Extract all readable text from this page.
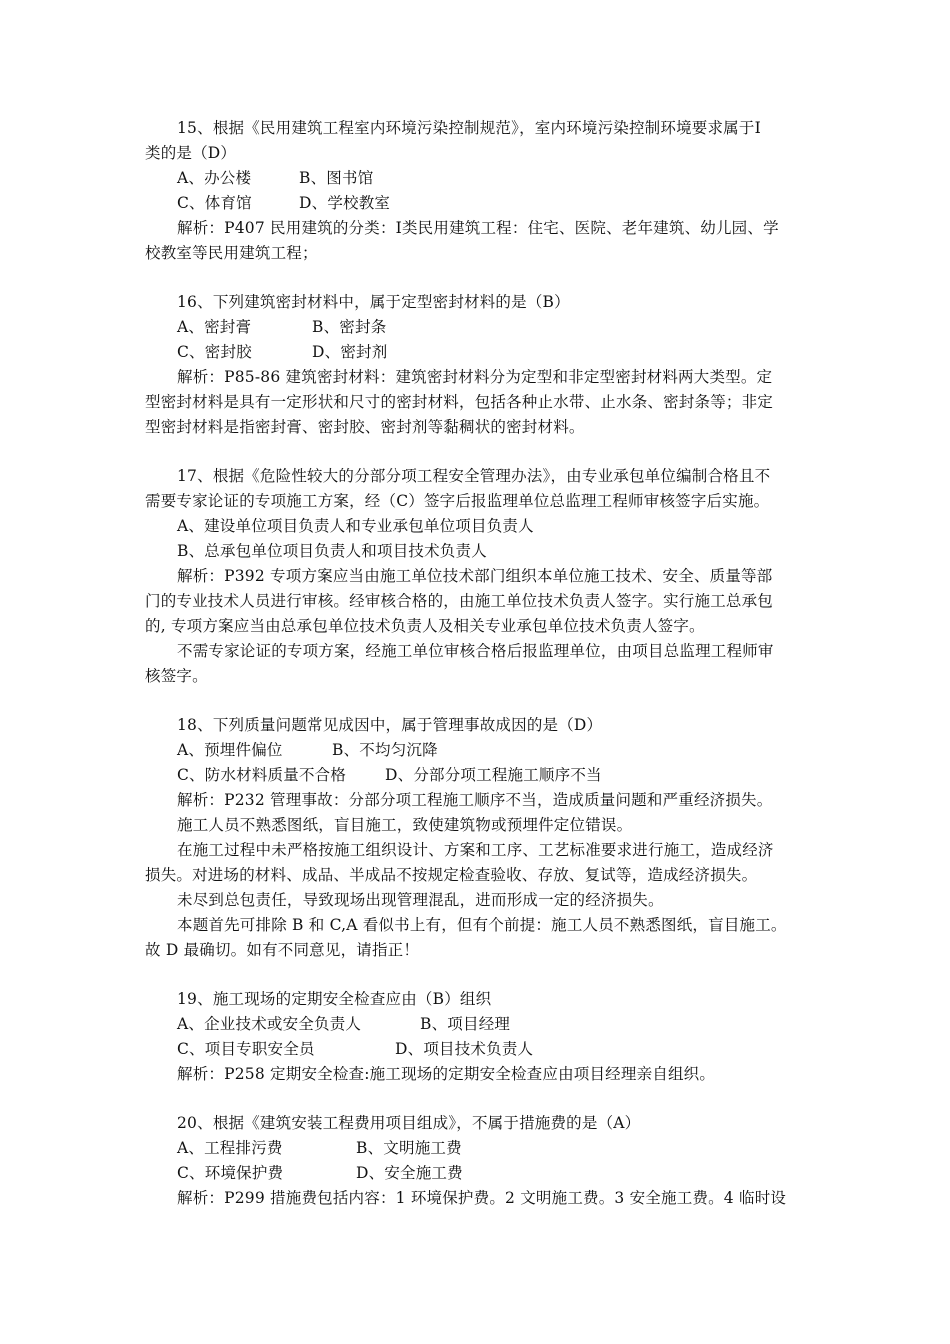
15、根据《民用建筑工程室内环境污染控制规范》，室内环境污染控制环境要求属于Ⅰ
类的是（D）
A、办公楼	B、图书馆
C、体育馆	D、学校教室
解析：P407 民用建筑的分类：Ⅰ类民用建筑工程：住宅、医院、老年建筑、幼儿园、学
校教室等民用建筑工程；
16、下列建筑密封材料中，属于定型密封材料的是（B）
A、密封膏	B、密封条
C、密封胶	D、密封剂
解析：P85-86 建筑密封材料：建筑密封材料分为定型和非定型密封材料两大类型。定
型密封材料是具有一定形状和尺寸的密封材料，包括各种止水带、止水条、密封条等；非定
型密封材料是指密封膏、密封胶、密封剂等黏稠状的密封材料。
17、根据《危险性较大的分部分项工程安全管理办法》，由专业承包单位编制合格且不
需要专家论证的专项施工方案，经（C）签字后报监理单位总监理工程师审核签字后实施。
A、建设单位项目负责人和专业承包单位项目负责人
B、总承包单位项目负责人和项目技术负责人
解析：P392 专项方案应当由施工单位技术部门组织本单位施工技术、安全、质量等部
门的专业技术人员进行审核。经审核合格的，由施工单位技术负责人签字。实行施工总承包
的, 专项方案应当由总承包单位技术负责人及相关专业承包单位技术负责人签字。
不需专家论证的专项方案，经施工单位审核合格后报监理单位，由项目总监理工程师审
核签字。
18、下列质量问题常见成因中，属于管理事故成因的是（D）
A、预埋件偏位	B、不均匀沉降
C、防水材料质量不合格	D、分部分项工程施工顺序不当
解析：P232 管理事故：分部分项工程施工顺序不当，造成质量问题和严重经济损失。
施工人员不熟悉图纸，盲目施工，致使建筑物或预埋件定位错误。
在施工过程中未严格按施工组织设计、方案和工序、工艺标准要求进行施工，造成经济
损失。对进场的材料、成品、半成品不按规定检查验收、存放、复试等，造成经济损失。
未尽到总包责任，导致现场出现管理混乱，进而形成一定的经济损失。
本题首先可排除 B 和 C,A 看似书上有，但有个前提：施工人员不熟悉图纸，盲目施工。
故 D 最确切。如有不同意见，请指正！
19、施工现场的定期安全检查应由（B）组织
A、企业技术或安全负责人	B、项目经理
C、项目专职安全员	D、项目技术负责人
解析：P258 定期安全检查:施工现场的定期安全检查应由项目经理亲自组织。
20、根据《建筑安装工程费用项目组成》，不属于措施费的是（A）
A、工程排污费	B、文明施工费
C、环境保护费	D、安全施工费
解析：P299 措施费包括内容：1 环境保护费。2 文明施工费。3 安全施工费。4 临时设
